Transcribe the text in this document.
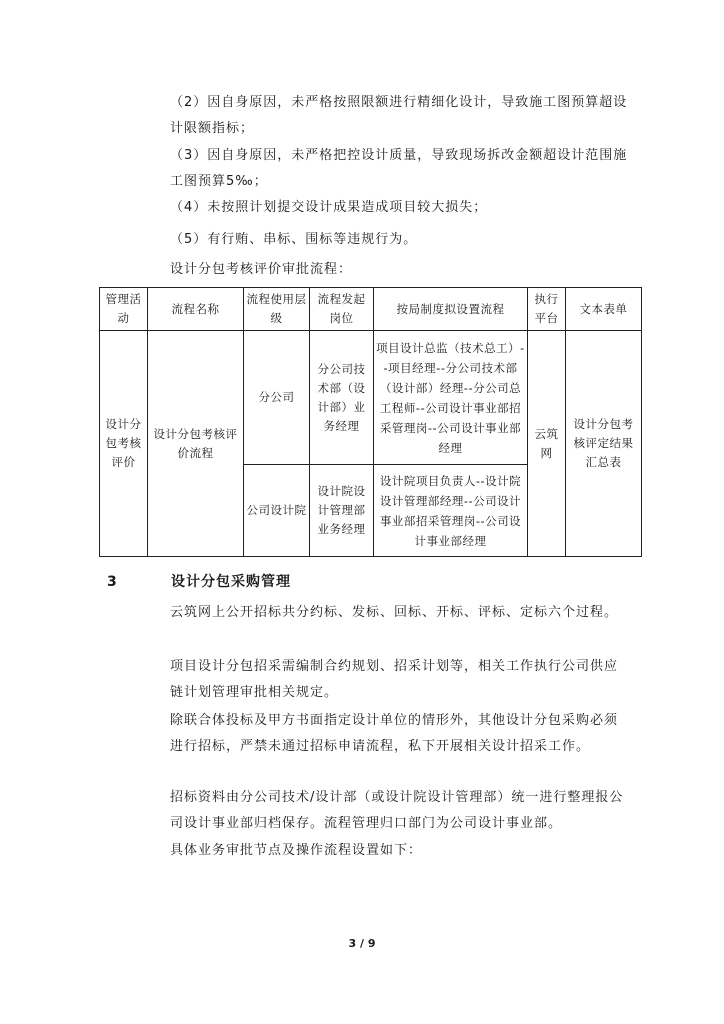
（2）因自身原因，未严格按照限额进行精细化设计，导致施工图预算超设计限额指标；

（3）因自身原因，未严格把控设计质量，导致现场拆改金额超设计范围施工图预算5‰；

（4）未按照计划提交设计成果造成项目较大损失；

（5）有行贿、串标、围标等违规行为。

设计分包考核评价审批流程：

管理活动	流程名称	流程使用层级	流程发起岗位	按局制度拟设置流程	执行平台	文本表单
设计分包考核评价	设计分包考核评价流程	分公司	分公司技术部（设计部）业务经理	项目设计总监（技术总工）--项目经理--分公司技术部（设计部）经理--分公司总工程师--公司设计事业部招采管理岗--公司设计事业部经理	云筑网	设计分包考核评定结果汇总表
		公司设计院	设计院设计管理部业务经理	设计院项目负责人--设计院设计管理部经理--公司设计事业部招采管理岗--公司设计事业部经理		
3	设计分包采购管理

云筑网上公开招标共分约标、发标、回标、开标、评标、定标六个过程。

项目设计分包招采需编制合约规划、招采计划等，相关工作执行公司供应链计划管理审批相关规定。

除联合体投标及甲方书面指定设计单位的情形外，其他设计分包采购必须进行招标，严禁未通过招标申请流程，私下开展相关设计招采工作。

招标资料由分公司技术/设计部（或设计院设计管理部）统一进行整理报公司设计事业部归档保存。流程管理归口部门为公司设计事业部。

具体业务审批节点及操作流程设置如下：

3 / 9
